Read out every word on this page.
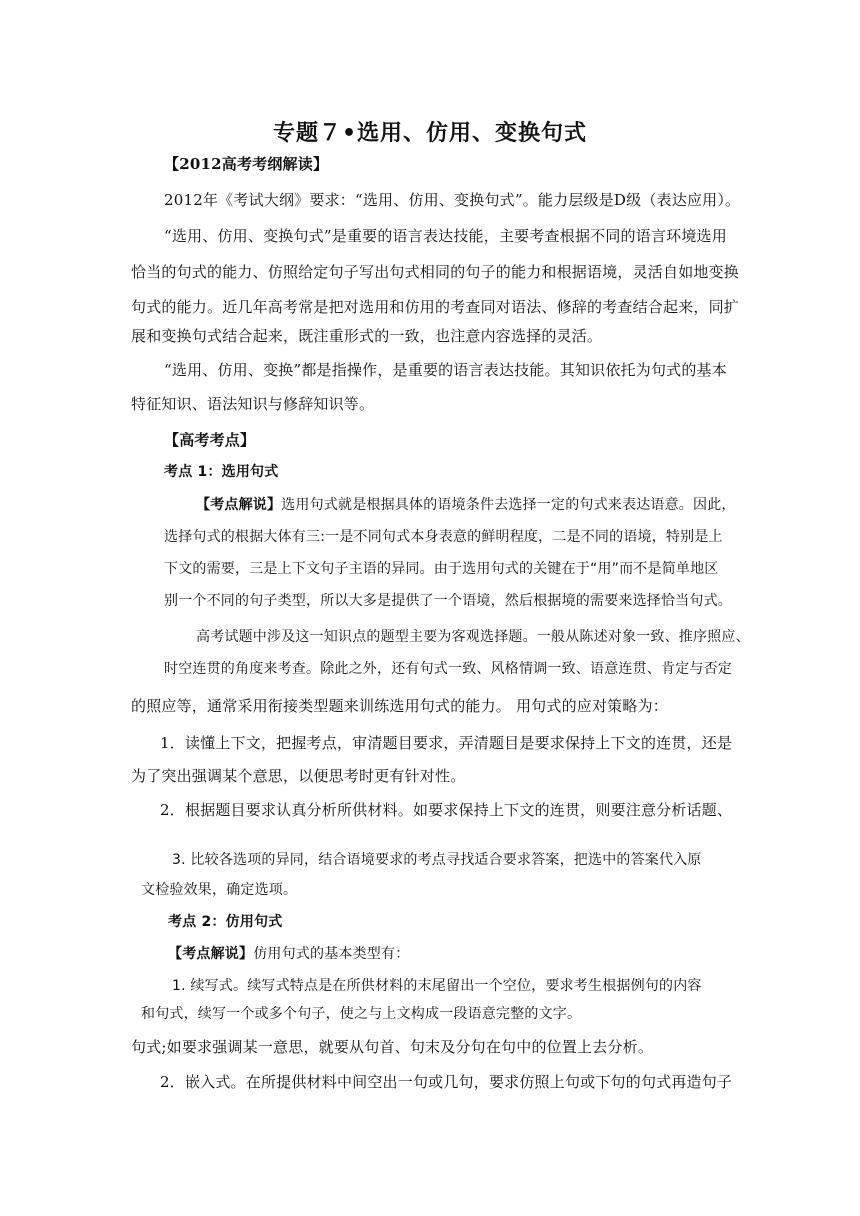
专题７•选用、仿用、变换句式
【2012高考考纲解读】
2012年《考试大纲》要求：“选用、仿用、变换句式”。能力层级是D级（表达应用）。
“选用、仿用、变换句式”是重要的语言表达技能，主要考查根据不同的语言环境选用
恰当的句式的能力、仿照给定句子写出句式相同的句子的能力和根据语境，灵活自如地变换
句式的能力。近几年高考常是把对选用和仿用的考查同对语法、修辞的考查结合起来，同扩
展和变换句式结合起来，既注重形式的一致，也注意内容选择的灵活。
“选用、仿用、变换”都是指操作，是重要的语言表达技能。其知识依托为句式的基本
特征知识、语法知识与修辞知识等。
【高考考点】
考点 1：选用句式
【考点解说】选用句式就是根据具体的语境条件去选择一定的句式来表达语意。因此，
选择句式的根据大体有三:一是不同句式本身表意的鲜明程度，二是不同的语境，特别是上
下文的需要，三是上下文句子主语的异同。由于选用句式的关键在于“用”而不是简单地区
别一个不同的句子类型，所以大多是提供了一个语境，然后根据境的需要来选择恰当句式。
高考试题中涉及这一知识点的题型主要为客观选择题。一般从陈述对象一致、推序照应、
时空连贯的角度来考查。除此之外，还有句式一致、风格情调一致、语意连贯、肯定与否定
的照应等，通常采用衔接类型题来训练选用句式的能力。 用句式的应对策略为：
1．读懂上下文，把握考点，审清题目要求，弄清题目是要求保持上下文的连贯，还是
为了突出强调某个意思，以便思考时更有针对性。
2．根据题目要求认真分析所供材料。如要求保持上下文的连贯，则要注意分析话题、
3. 比较各选项的异同，结合语境要求的考点寻找适合要求答案，把选中的答案代入原
文检验效果，确定选项。
考点 2：仿用句式
【考点解说】仿用句式的基本类型有：
1. 续写式。续写式特点是在所供材料的末尾留出一个空位，要求考生根据例句的内容
和句式，续写一个或多个句子，使之与上文构成一段语意完整的文字。
句式;如要求强调某一意思，就要从句首、句末及分句在句中的位置上去分析。
2．嵌入式。在所提供材料中间空出一句或几句，要求仿照上句或下句的句式再造句子
